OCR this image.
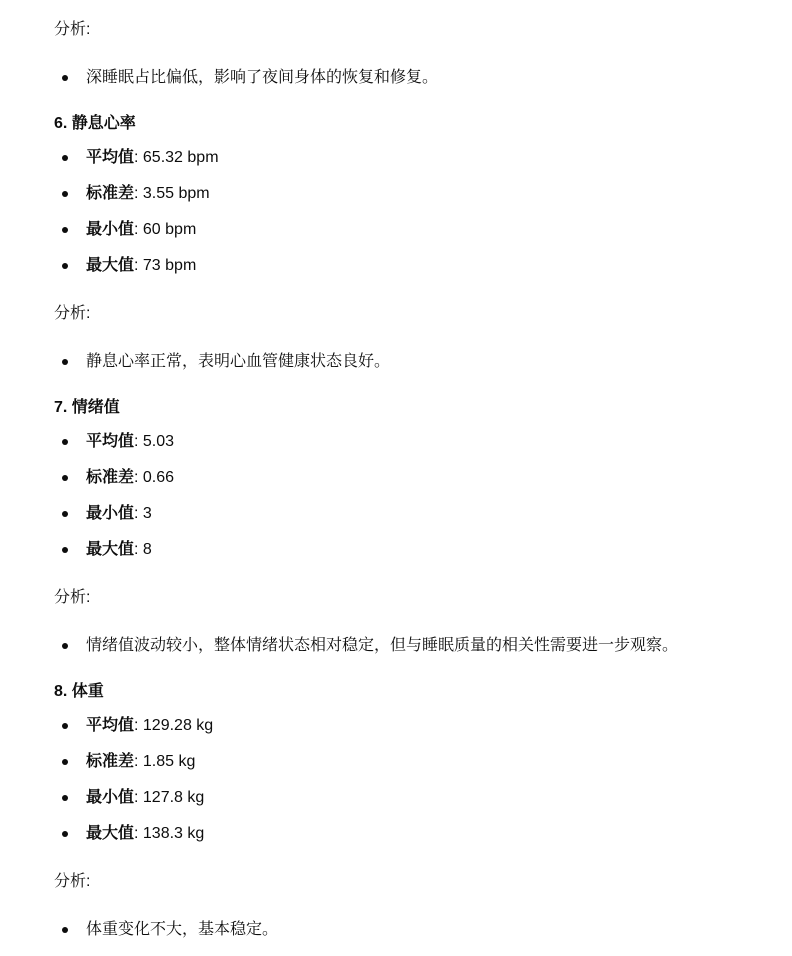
分析:
深睡眠占比偏低，影响了夜间身体的恢复和修复。
6. 静息心率
平均值: 65.32 bpm
标准差: 3.55 bpm
最小值: 60 bpm
最大值: 73 bpm
分析:
静息心率正常，表明心血管健康状态良好。
7. 情绪值
平均值: 5.03
标准差: 0.66
最小值: 3
最大值: 8
分析:
情绪值波动较小，整体情绪状态相对稳定，但与睡眠质量的相关性需要进一步观察。
8. 体重
平均值: 129.28 kg
标准差: 1.85 kg
最小值: 127.8 kg
最大值: 138.3 kg
分析:
体重变化不大，基本稳定。
